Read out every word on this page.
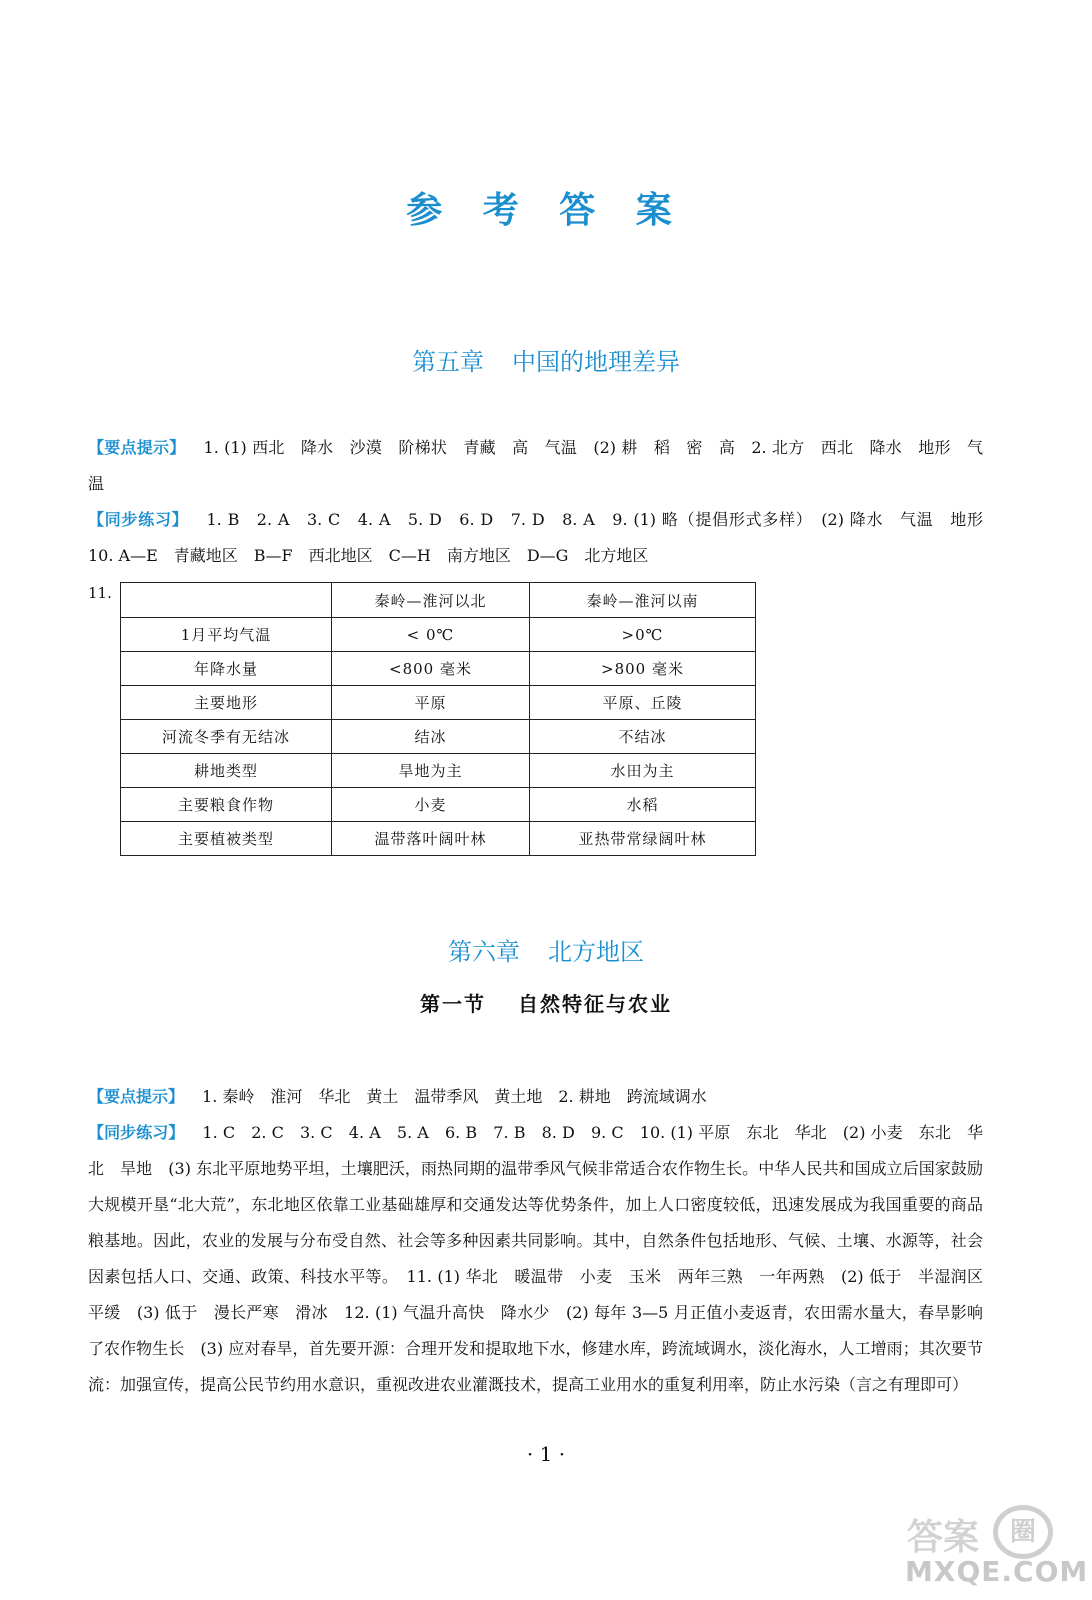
参 考 答 案
第五章 中国的地理差异
【要点提示】 1. (1) 西北　降水　沙漠　阶梯状　青藏　高　气温　(2) 耕　稻　密　高　2. 北方　西北　降水　地形　气温
【同步练习】 1. B　2. A　3. C　4. A　5. D　6. D　7. D　8. A　9. (1) 略（提倡形式多样）　(2) 降水　气温　地形　10. A—E　青藏地区　B—F　西北地区　C—H　南方地区　D—G　北方地区
11.
		秦岭—淮河以北	秦岭—淮河以南
1月平均气温	< 0℃	>0℃
年降水量	<800 毫米	>800 毫米
主要地形	平原	平原、丘陵
河流冬季有无结冰	结冰	不结冰
耕地类型	旱地为主	水田为主
主要粮食作物	小麦	水稻
主要植被类型	温带落叶阔叶林	亚热带常绿阔叶林
第六章 北方地区
第一节 自然特征与农业
【要点提示】 1. 秦岭　淮河　华北　黄土　温带季风　黄土地　2. 耕地　跨流域调水
【同步练习】 1. C　2. C　3. C　4. A　5. A　6. B　7. B　8. D　9. C　10. (1) 平原　东北　华北　(2) 小麦　东北　华北　旱地　(3) 东北平原地势平坦，土壤肥沃，雨热同期的温带季风气候非常适合农作物生长。中华人民共和国成立后国家鼓励大规模开垦“北大荒”，东北地区依靠工业基础雄厚和交通发达等优势条件，加上人口密度较低，迅速发展成为我国重要的商品粮基地。因此，农业的发展与分布受自然、社会等多种因素共同影响。其中，自然条件包括地形、气候、土壤、水源等，社会因素包括人口、交通、政策、科技水平等。　11. (1) 华北　暖温带　小麦　玉米　两年三熟　一年两熟　(2) 低于　半湿润区　平缓　(3) 低于　漫长严寒　滑冰　12. (1) 气温升高快　降水少　(2) 每年 3—5 月正值小麦返青，农田需水量大，春旱影响了农作物生长　(3) 应对春旱，首先要开源：合理开发和提取地下水，修建水库，跨流域调水，淡化海水，人工增雨；其次要节流：加强宣传，提高公民节约用水意识，重视改进农业灌溉技术，提高工业用水的重复利用率，防止水污染（言之有理即可）
· 1 ·
答案	圈
MXQE.COM
